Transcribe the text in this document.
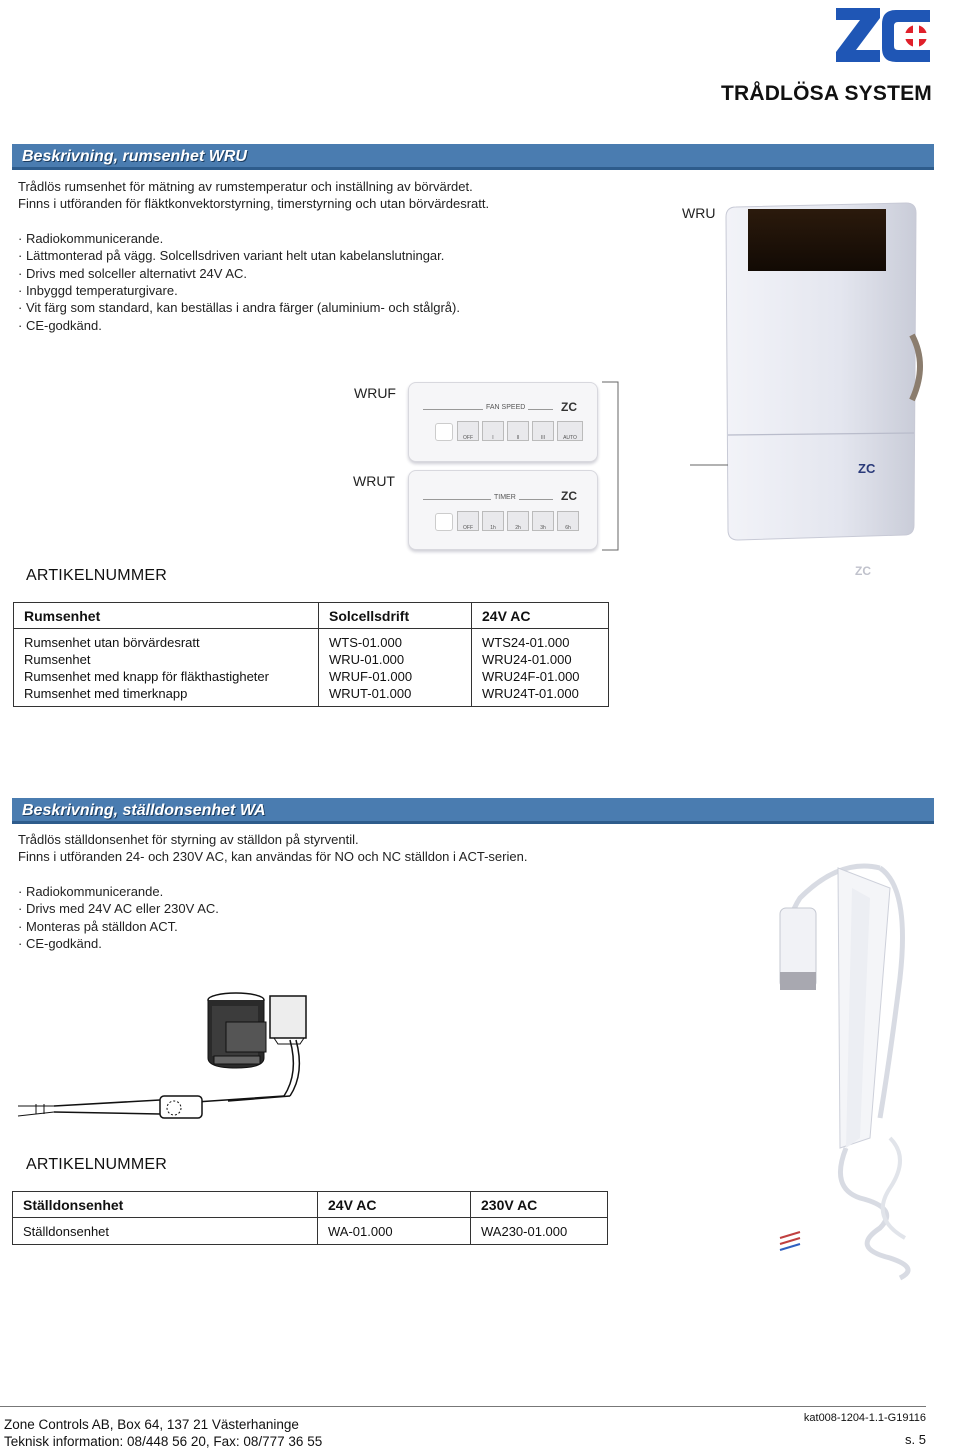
TRÅDLÖSA SYSTEM
Beskrivning, rumsenhet WRU

Trådlös rumsenhet för mätning av rumstemperatur och inställning av börvärdet.

Finns i utföranden för fläktkonvektorstyrning, timerstyrning och utan börvärdesratt.

· Radiokommunicerande.

· Lättmonterad på vägg. Solcellsdriven variant helt utan kabelanslutningar.

· Drivs med solceller alternativt 24V AC.

· Inbyggd temperaturgivare.

· Vit färg som standard, kan beställas i andra färger (aluminium- och stålgrå).

· CE-godkänd.

WRU
ZC
ZC
WRUF
FAN SPEED	ZC
OFF	I	II	III	AUTO
WRUT
TIMER	ZC
OFF	1h	2h	3h	6h
ARTIKELNUMMER
Rumsenhet	Solcellsdrift	24V AC
Rumsenhet utan börvärdesratt	WTS-01.000	WTS24-01.000
Rumsenhet	WRU-01.000	WRU24-01.000
Rumsenhet med knapp för fläkthastigheter	WRUF-01.000	WRU24F-01.000
Rumsenhet med timerknapp	WRUT-01.000	WRU24T-01.000
Beskrivning, ställdonsenhet WA

Trådlös ställdonsenhet för styrning av ställdon på styrventil.

Finns i utföranden 24- och 230V AC, kan användas för NO och NC ställdon i ACT-serien.

· Radiokommunicerande.

· Drivs med 24V AC eller 230V AC.

· Monteras på ställdon ACT.

· CE-godkänd.

ARTIKELNUMMER
Ställdonsenhet	24V AC	230V AC
Ställdonsenhet	WA-01.000	WA230-01.000
Zone Controls AB, Box 64, 137 21 Västerhaninge
Teknisk information: 08/448 56 20, Fax: 08/777 36 55
kat008-1204-1.1-G19116
s. 5
